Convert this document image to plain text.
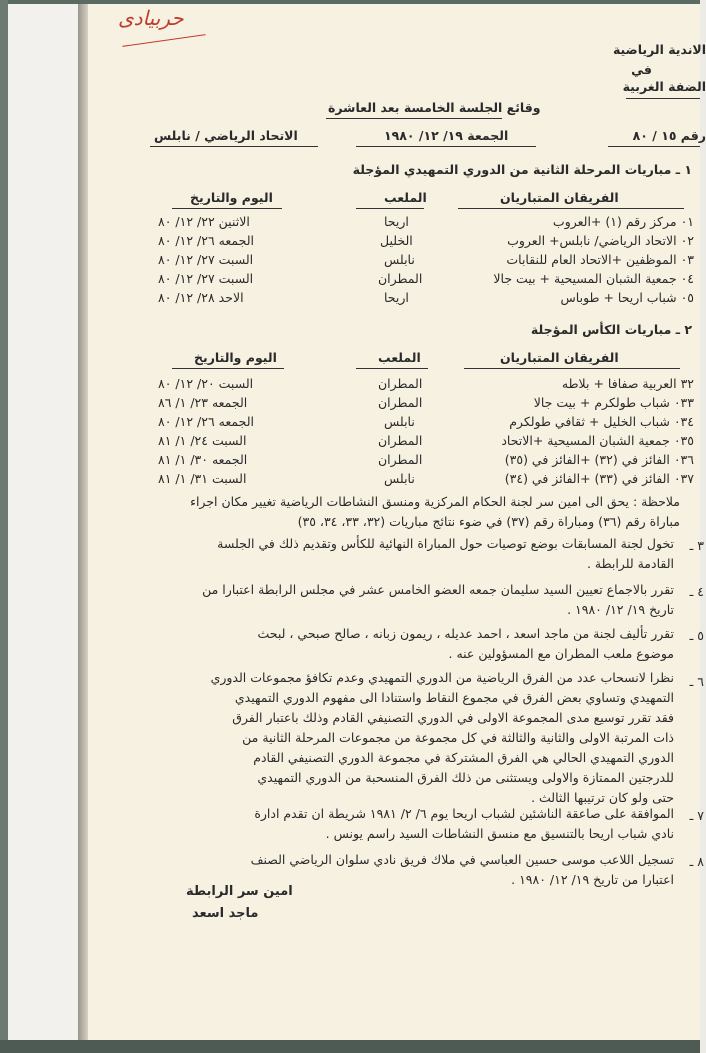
حربیادی
الاندية الرياضية
في
الضفة الغربية
وقائع الجلسة الخامسة بعد العاشرة
رقم ١٥ / ٨٠
الجمعة ١٩/ ١٢/ ١٩٨٠
الاتحاد الرياضي / نابلس
١ ـ مباريات المرحلة الثانية من الدوري التمهيدي المؤجلة
الفريقان المتباريان
الملعب
اليوم والتاريخ
٠١ مركز رقم (١) +العروب
اريحا
الاثنين ٢٢/ ١٢/ ٨٠
٠٢ الاتحاد الرياضي/ نابلس+ العروب
الخليل
الجمعه ٢٦/ ١٢/ ٨٠
٠٣ الموظفين +الاتحاد العام للنقابات
نابلس
السبت ٢٧/ ١٢/ ٨٠
٠٤ جمعية الشبان المسيحية + بيت جالا
المطران
السبت ٢٧/ ١٢/ ٨٠
٠٥ شباب اريحا + طوباس
اريحا
الاحد ٢٨/ ١٢/ ٨٠
٢ ـ مباريات الكأس المؤجلة
الفريقان المتباريان
الملعب
اليوم والتاريخ
٣٢ العربية صفافا + بلاطه
المطران
السبت ٢٠/ ١٢/ ٨٠
٠٣٣ شباب طولكرم + بيت جالا
المطران
الجمعه ٢٣/ ١/ ٨٦
٠٣٤ شباب الخليل + ثقافي طولكرم
نابلس
الجمعه ٢٦/ ١٢/ ٨٠
٠٣٥ جمعية الشبان المسيحية +الاتحاد
المطران
السبت ٢٤/ ١/ ٨١
٠٣٦ الفائز في (٣٢) +الفائز في (٣٥)
المطران
الجمعه ٣٠/ ١/ ٨١
٠٣٧ الفائز في (٣٣) +الفائز في (٣٤)
نابلس
السبت ٣١/ ١/ ٨١
ملاحظة : يحق الى امين سر لجنة الحكام المركزية ومنسق النشاطات الرياضية تغيير مكان اجراء
مباراة رقم (٣٦) ومباراة رقم (٣٧) في ضوء نتائج مباريات (٣٢، ٣٣، ٣٤، ٣٥)
٣ ـ
تخول لجنة المسابقات بوضع توصيات حول المباراة النهائية للكأس وتقديم ذلك في الجلسة
القادمة للرابطة .
٤ ـ
تقرر بالاجماع تعيين السيد سليمان جمعه العضو الخامس عشر في مجلس الرابطة اعتبارا من
تاريخ ١٩/ ١٢/ ١٩٨٠ .
٥ ـ
تقرر تأليف لجنة من ماجد اسعد ، احمد عديله ، ريمون زبانه ، صالح صبحي ، لبحث
موضوع ملعب المطران مع المسؤولين عنه .
٦ ـ
نظرا لانسحاب عدد من الفرق الرياضية من الدوري التمهيدي وعدم تكافؤ مجموعات الدوري
التمهيدي وتساوي بعض الفرق في مجموع النقاط واستنادا الى مفهوم الدوري التمهيدي
فقد تقرر توسيع مدى المجموعة الاولى في الدوري التصنيفي القادم وذلك باعتبار الفرق
ذات المرتبة الاولى والثانية والثالثة في كل مجموعة من مجموعات المرحلة الثانية من
الدوري التمهيدي الحالي هي الفرق المشتركة في مجموعة الدوري التصنيفي القادم
للدرجتين الممتازة والاولى ويستثنى من ذلك الفرق المنسحبة من الدوري التمهيدي
حتى ولو كان ترتيبها الثالث .
٧ ـ
الموافقة على صاعقة الناشئين لشباب اريحا يوم ٦/ ٢/ ١٩٨١ شريطة ان تقدم ادارة
نادي شباب اريحا بالتنسيق مع منسق النشاطات السيد راسم يونس .
٨ ـ
تسجيل اللاعب موسى حسين العباسي في ملاك فريق نادي سلوان الرياضي الصنف
اعتبارا من تاريخ ١٩/ ١٢/ ١٩٨٠ .
امين سر الرابطة
ماجد اسعد
